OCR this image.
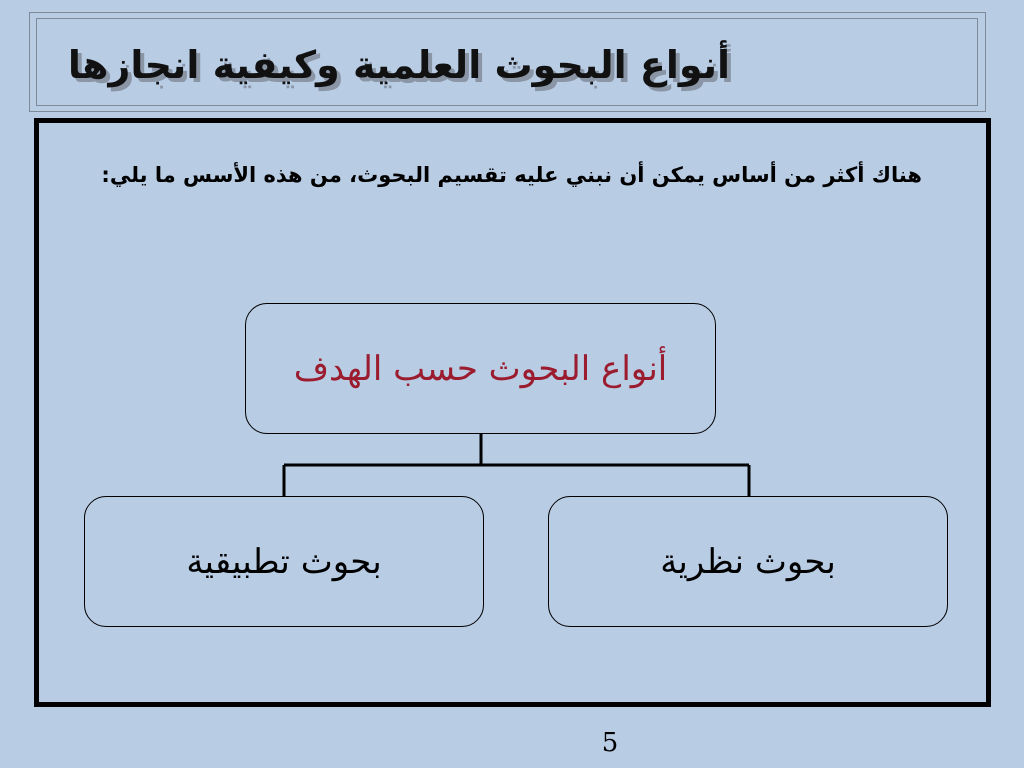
أنواع البحوث العلمية وكيفية انجازها
هناك أكثر من أساس يمكن أن نبني عليه تقسيم البحوث، من هذه الأسس ما يلي:
أنواع البحوث حسب الهدف
بحوث نظرية
بحوث تطبيقية
5
